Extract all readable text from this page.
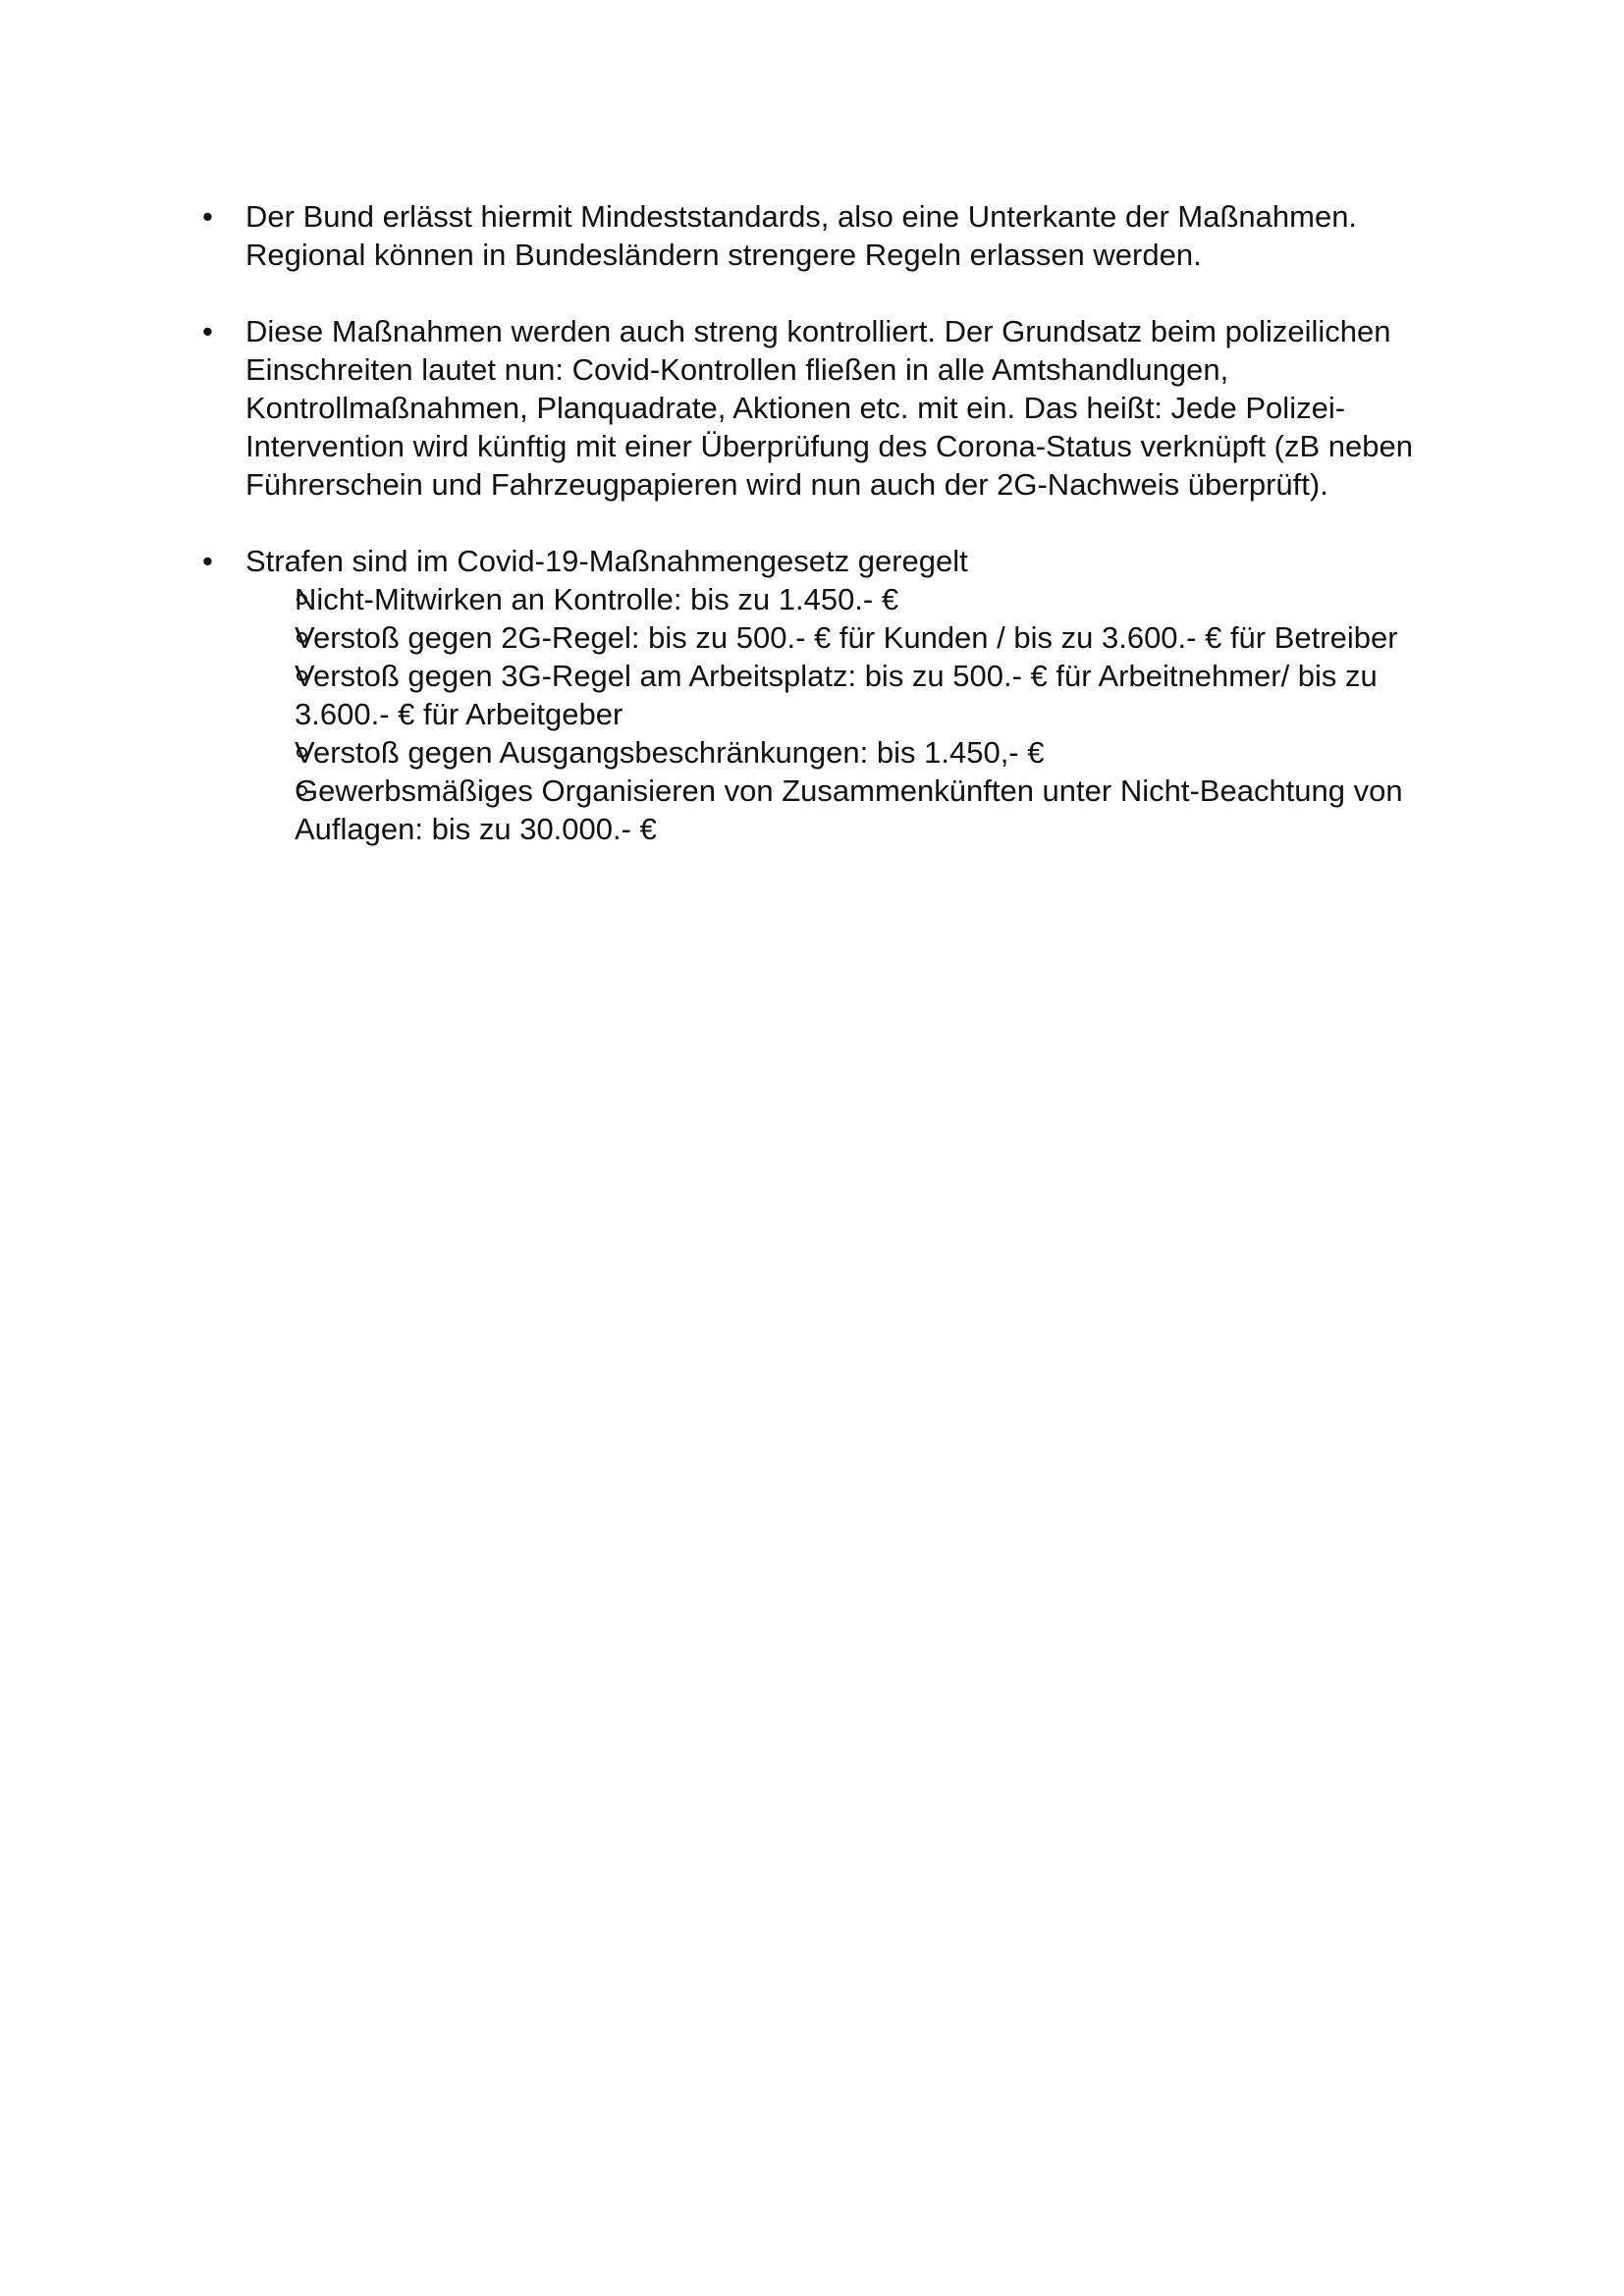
• Der Bund erlässt hiermit Mindeststandards, also eine Unterkante der Maßnahmen. Regional können in Bundesländern strengere Regeln erlassen werden.
• Diese Maßnahmen werden auch streng kontrolliert. Der Grundsatz beim polizeilichen Einschreiten lautet nun: Covid-Kontrollen fließen in alle Amtshandlungen, Kontrollmaßnahmen, Planquadrate, Aktionen etc. mit ein. Das heißt: Jede Polizei-Intervention wird künftig mit einer Überprüfung des Corona-Status verknüpft (zB neben Führerschein und Fahrzeugpapieren wird nun auch der 2G-Nachweis überprüft).
• Strafen sind im Covid-19-Maßnahmengesetz geregelt
Nicht-Mitwirken an Kontrolle: bis zu 1.450.- €
Verstoß gegen 2G-Regel: bis zu 500.- € für Kunden / bis zu 3.600.- € für Betreiber
Verstoß gegen 3G-Regel am Arbeitsplatz: bis zu 500.- € für Arbeitnehmer/ bis zu 3.600.- € für Arbeitgeber
Verstoß gegen Ausgangsbeschränkungen: bis 1.450,- €
Gewerbsmäßiges Organisieren von Zusammenkünften unter Nicht-Beachtung von Auflagen: bis zu 30.000.- €
